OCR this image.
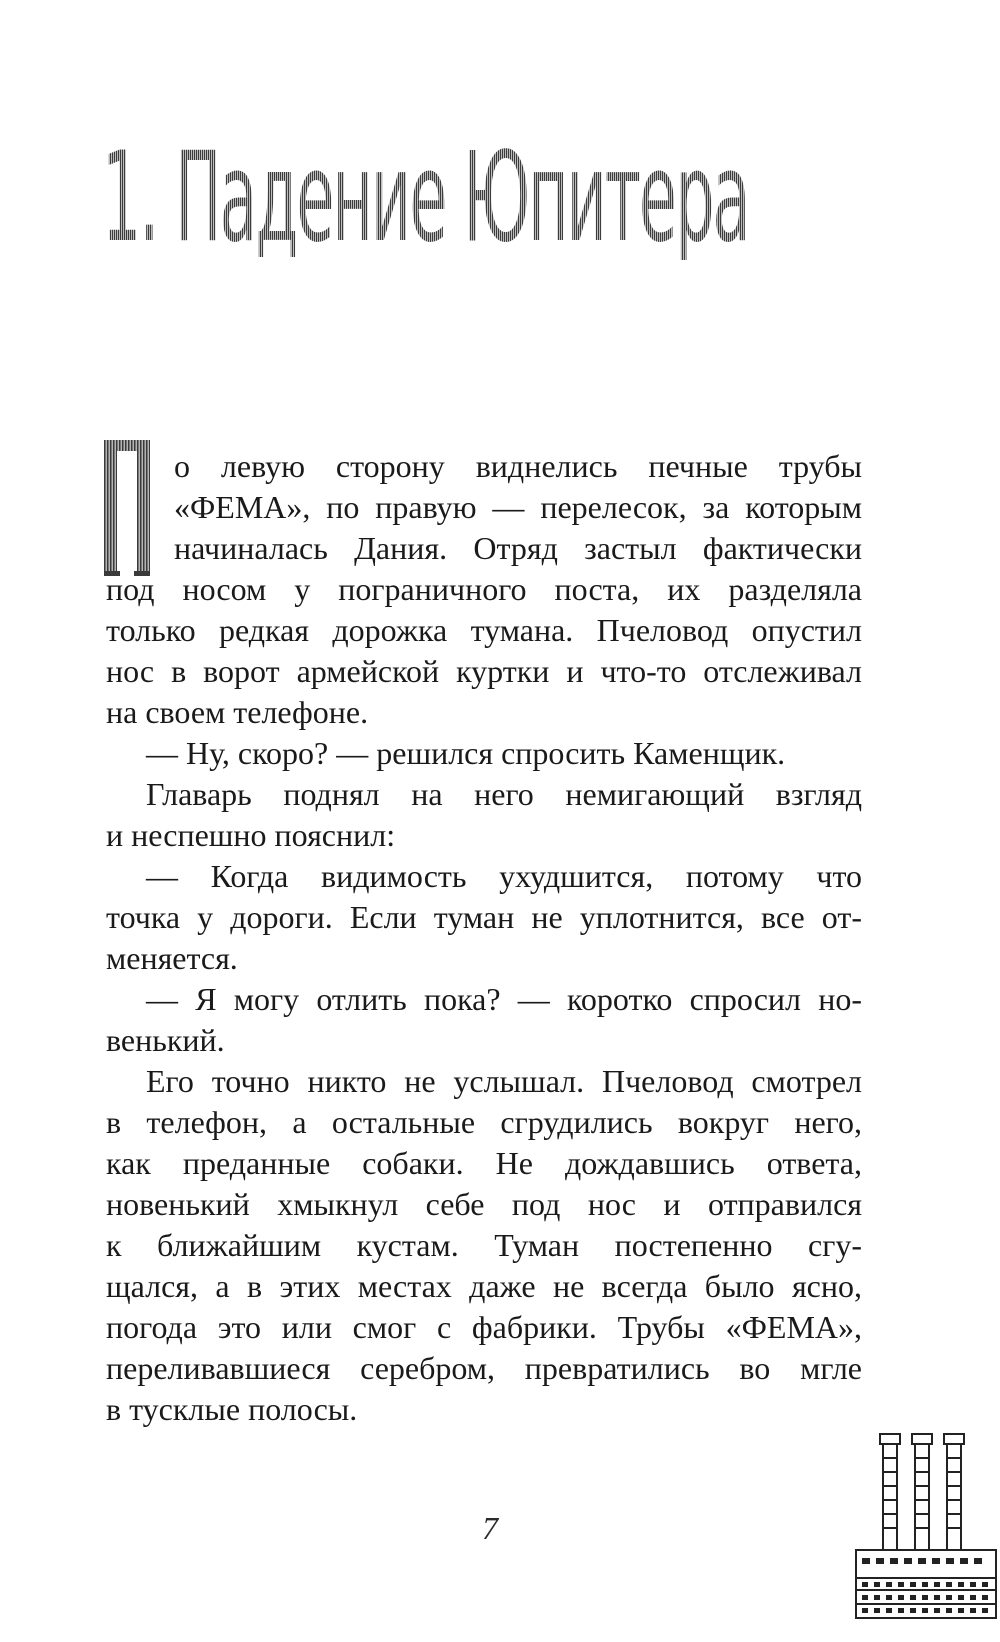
1. Падение Юпитера
о левую сторону виднелись печные трубы
«ФЕМА», по правую — перелесок, за которым
начиналась Дания. Отряд застыл фактически
под носом у пограничного поста, их разделяла
только редкая дорожка тумана. Пчеловод опустил
нос в ворот армейской куртки и что-то отслеживал
на своем телефоне.
— Ну, скоро? — решился спросить Каменщик.
Главарь поднял на него немигающий взгляд
и неспешно пояснил:
— Когда видимость ухудшится, потому что
точка у дороги. Если туман не уплотнится, все от-
меняется.
— Я могу отлить пока? — коротко спросил но-
венький.
Его точно никто не услышал. Пчеловод смотрел
в телефон, а остальные сгрудились вокруг него,
как преданные собаки. Не дождавшись ответа,
новенький хмыкнул себе под нос и отправился
к ближайшим кустам. Туман постепенно сгу-
щался, а в этих местах даже не всегда было ясно,
погода это или смог с фабрики. Трубы «ФЕМА»,
переливавшиеся серебром, превратились во мгле
в тусклые полосы.
7
